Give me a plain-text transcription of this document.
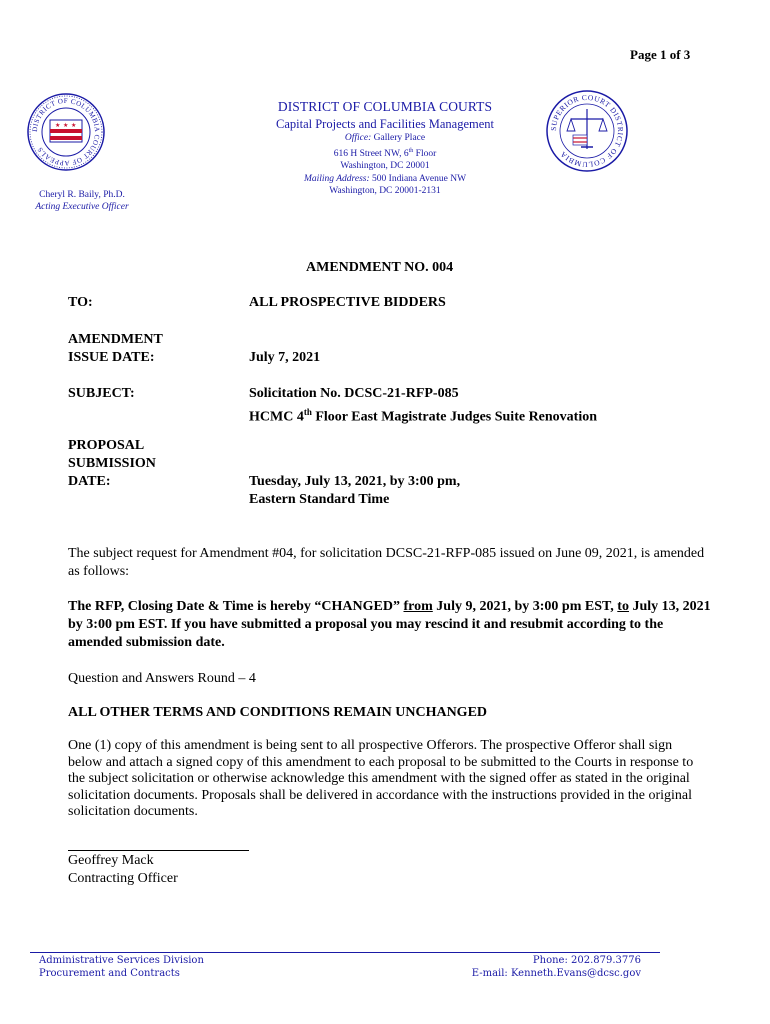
Page 1 of 3
DISTRICT OF COLUMBIA COURT OF APPEALS
★ ★ ★	SUPERIOR COURT DISTRICT OF COLUMBIA
DISTRICT OF COLUMBIA COURTS
Capital Projects and Facilities Management
Office: Gallery Place
616 H Street NW, 6th Floor
Washington, DC 20001
Mailing Address: 500 Indiana Avenue NW
Washington, DC 20001-2131
Cheryl R. Baily, Ph.D.
Acting Executive Officer
AMENDMENT NO. 004
TO:	ALL PROSPECTIVE BIDDERS
AMENDMENT
ISSUE DATE:	July 7, 2021
SUBJECT:	Solicitation No. DCSC-21-RFP-085
HCMC 4th Floor East Magistrate Judges Suite Renovation
PROPOSAL
SUBMISSION
DATE:	Tuesday, July 13, 2021, by 3:00 pm,
Eastern Standard Time
The subject request for Amendment #04, for solicitation DCSC-21-RFP-085 issued on June 09, 2021, is amended as follows:
The RFP, Closing Date & Time is hereby “CHANGED” from July 9, 2021, by 3:00 pm EST, to July 13, 2021 by 3:00 pm EST. If you have submitted a proposal you may rescind it and resubmit according to the amended submission date.
Question and Answers Round – 4
ALL OTHER TERMS AND CONDITIONS REMAIN UNCHANGED
One (1) copy of this amendment is being sent to all prospective Offerors. The prospective Offeror shall sign below and attach a signed copy of this amendment to each proposal to be submitted to the Courts in response to the subject solicitation or otherwise acknowledge this amendment with the signed offer as stated in the original solicitation documents. Proposals shall be delivered in accordance with the instructions provided in the original solicitation documents.
Geoffrey Mack
Contracting Officer
Administrative Services Division
Procurement and Contracts
Phone: 202.879.3776
E-mail: Kenneth.Evans@dcsc.gov
